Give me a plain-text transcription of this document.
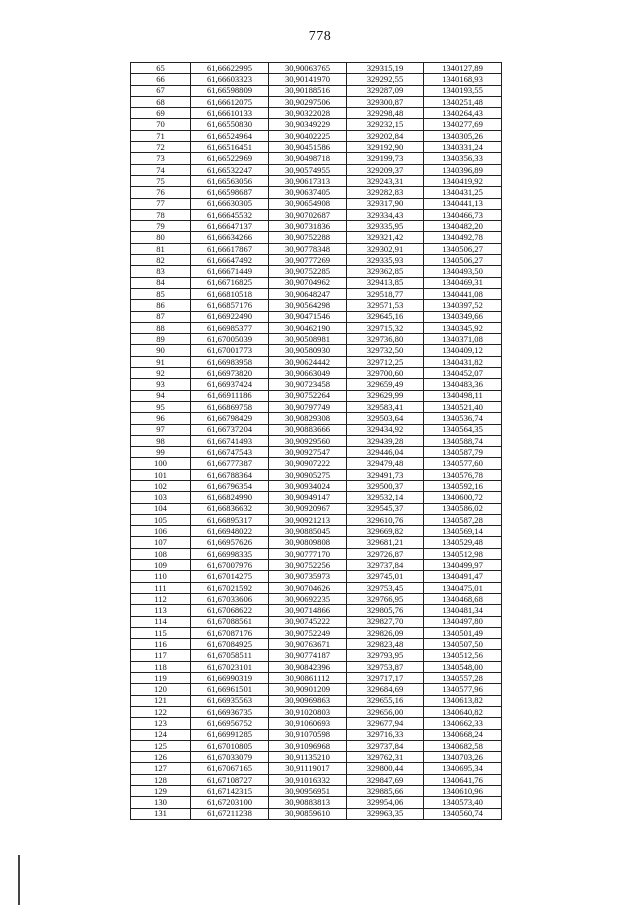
778
65	61,66622995	30,90063765	329315,19	1340127,89
66	61,66603323	30,90141970	329292,55	1340168,93
67	61,66598809	30,90188516	329287,09	1340193,55
68	61,66612075	30,90297506	329300,87	1340251,48
69	61,66610133	30,90322028	329298,48	1340264,43
70	61,66550830	30,90349229	329232,15	1340277,69
71	61,66524964	30,90402225	329202,84	1340305,26
72	61,66516451	30,90451586	329192,90	1340331,24
73	61,66522969	30,90498718	329199,73	1340356,33
74	61,66532247	30,90574955	329209,37	1340396,89
75	61,66563056	30,90617313	329243,31	1340419,92
76	61,66598687	30,90637405	329282,83	1340431,25
77	61,66630305	30,90654908	329317,90	1340441,13
78	61,66645532	30,90702687	329334,43	1340466,73
79	61,66647137	30,90731836	329335,95	1340482,20
80	61,66634266	30,90752288	329321,42	1340492,78
81	61,66617867	30,90778348	329302,91	1340506,27
82	61,66647492	30,90777269	329335,93	1340506,27
83	61,66671449	30,90752285	329362,85	1340493,50
84	61,66716825	30,90704962	329413,85	1340469,31
85	61,66810518	30,90648247	329518,77	1340441,08
86	61,66857176	30,90564298	329571,53	1340397,52
87	61,66922490	30,90471546	329645,16	1340349,66
88	61,66985377	30,90462190	329715,32	1340345,92
89	61,67005039	30,90508981	329736,80	1340371,08
90	61,67001773	30,90580930	329732,50	1340409,12
91	61,66983958	30,90624442	329712,25	1340431,82
92	61,66973820	30,90663049	329700,60	1340452,07
93	61,66937424	30,90723458	329659,49	1340483,36
94	61,66911186	30,90752264	329629,99	1340498,11
95	61,66869758	30,90797749	329583,41	1340521,40
96	61,66798429	30,90829308	329503,64	1340536,74
97	61,66737204	30,90883666	329434,92	1340564,35
98	61,66741493	30,90929560	329439,28	1340588,74
99	61,66747543	30,90927547	329446,04	1340587,79
100	61,66777387	30,90907222	329479,48	1340577,60
101	61,66788364	30,90905275	329491,73	1340576,78
102	61,66796354	30,90934024	329500,37	1340592,16
103	61,66824990	30,90949147	329532,14	1340600,72
104	61,66836632	30,90920967	329545,37	1340586,02
105	61,66895317	30,90921213	329610,76	1340587,28
106	61,66948022	30,90885045	329669,82	1340569,14
107	61,66957626	30,90809808	329681,21	1340529,48
108	61,66998335	30,90777170	329726,87	1340512,98
109	61,67007976	30,90752256	329737,84	1340499,97
110	61,67014275	30,90735973	329745,01	1340491,47
111	61,67021592	30,90704626	329753,45	1340475,01
112	61,67033606	30,90692235	329766,95	1340468,68
113	61,67068622	30,90714866	329805,76	1340481,34
114	61,67088561	30,90745222	329827,70	1340497,80
115	61,67087176	30,90752249	329826,09	1340501,49
116	61,67084925	30,90763671	329823,48	1340507,50
117	61,67058511	30,90774187	329793,95	1340512,56
118	61,67023101	30,90842396	329753,87	1340548,00
119	61,66990319	30,90861112	329717,17	1340557,28
120	61,66961501	30,90901209	329684,69	1340577,96
121	61,66935563	30,90969863	329655,16	1340613,82
122	61,66936735	30,91020803	329656,00	1340640,82
123	61,66956752	30,91060693	329677,94	1340662,33
124	61,66991285	30,91070598	329716,33	1340668,24
125	61,67010805	30,91096968	329737,84	1340682,58
126	61,67033079	30,91135210	329762,31	1340703,26
127	61,67067165	30,91119017	329800,44	1340695,34
128	61,67108727	30,91016332	329847,69	1340641,76
129	61,67142315	30,90956951	329885,66	1340610,96
130	61,67203100	30,90883813	329954,06	1340573,40
131	61,67211238	30,90859610	329963,35	1340560,74
